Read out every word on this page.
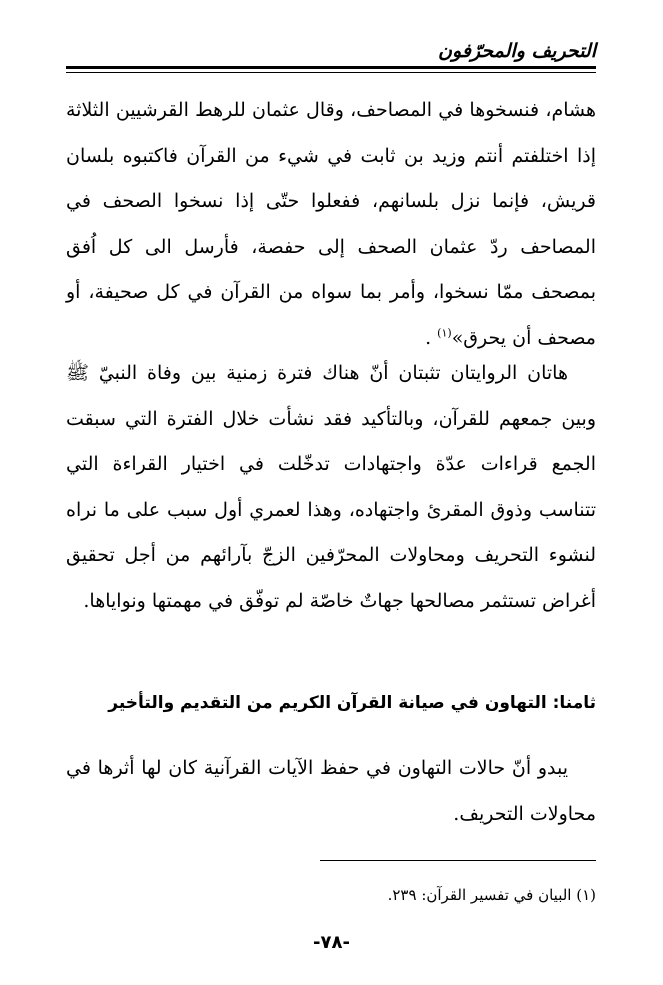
التحريف والمحرّفون

هشام، فنسخوها في المصاحف، وقال عثمان للرهط القرشيين الثلاثة إذا اختلفتم أنتم وزيد بن ثابت في شيء من القرآن فاكتبوه بلسان قريش، فإنما نزل بلسانهم، ففعلوا حتّى إذا نسخوا الصحف في المصاحف ردّ عثمان الصحف إلى حفصة، فأرسل الى كل اُفق بمصحف ممّا نسخوا، وأمر بما سواه من القرآن في كل صحيفة، أو مصحف أن يحرق»$^{(١)}$ .

هاتان الروايتان تثبتان أنّ هناك فترة زمنية بين وفاة النبيّ ﷺ وبين جمعهم للقرآن، وبالتأكيد فقد نشأت خلال الفترة التي سبقت الجمع قراءات عدّة واجتهادات تدخّلت في اختيار القراءة التي تتناسب وذوق المقرئ واجتهاده، وهذا لعمري أول سبب على ما نراه لنشوء التحريف ومحاولات المحرّفين الزجّ بآرائهم من أجل تحقيق أغراض تستثمر مصالحها جهاتٌ خاصّة لم توفّق في مهمتها ونواياها.

ثامنا: التهاون في صيانة القرآن الكريم من التقديم والتأخير

يبدو أنّ حالات التهاون في حفظ الآيات القرآنية كان لها أثرها في محاولات التحريف.

(١) البيان في تفسير القرآن: ٢٣٩.

-٧٨-
